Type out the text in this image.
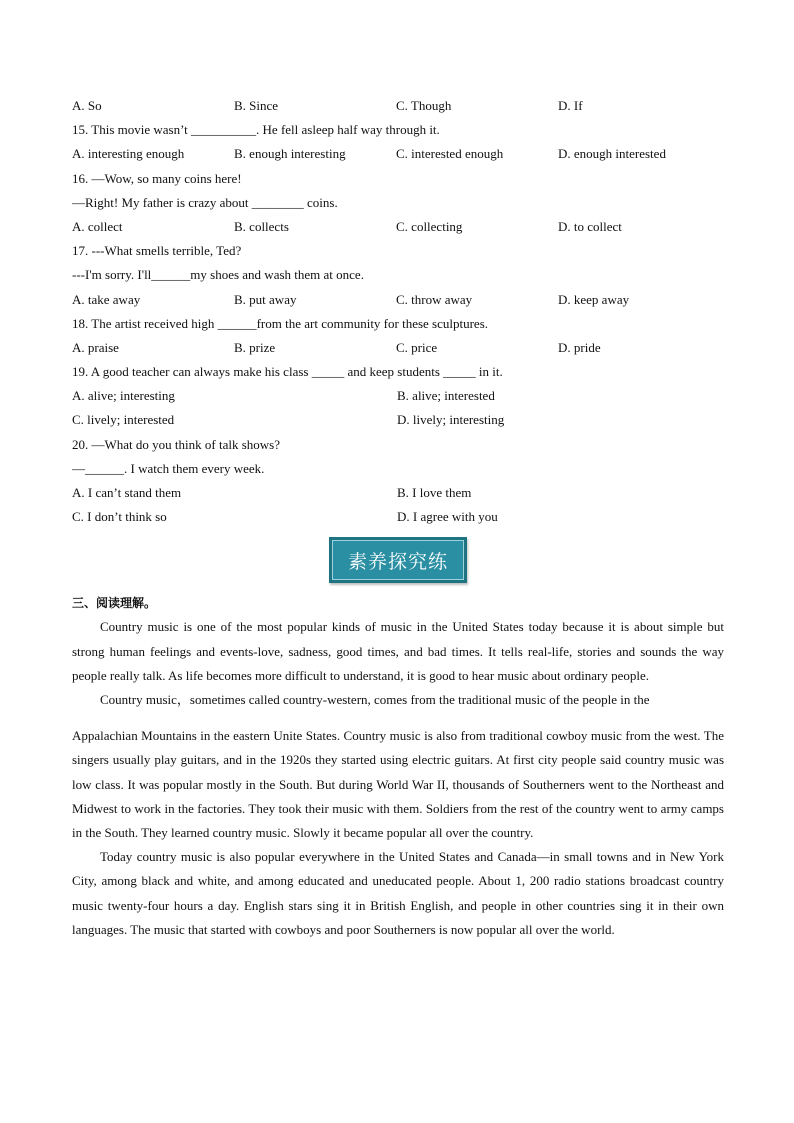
A. So	B. Since	C. Though	D. If
15. This movie wasn’t __________. He fell asleep half way through it.
A. interesting enough	B. enough interesting	C. interested enough	D. enough interested
16. —Wow, so many coins here!
—Right! My father is crazy about ________ coins.
A. collect	B. collects	C. collecting	D. to collect
17. ---What smells terrible, Ted?
---I'm sorry. I'll______my shoes and wash them at once.
A. take away	B. put away	C. throw away	D. keep away
18. The artist received high ______from the art community for these sculptures.
A. praise	B. prize	C. price	D. pride
19. A good teacher can always make his class _____ and keep students _____ in it.
A. alive; interesting	B. alive; interested
C. lively; interested	D. lively; interesting
20. —What do you think of talk shows?
—______. I watch them every week.
A. I can’t stand them	B. I love them
C. I don’t think so	D. I agree with you
素养探究练
三、阅读理解。

Country music is one of the most popular kinds of music in the United States today because it is about simple but strong human feelings and events-love, sadness, good times, and bad times. It tells real-life, stories and sounds the way people really talk. As life becomes more difficult to understand, it is good to hear music about ordinary people.

Country music，sometimes called country-western, comes from the traditional music of the people in the

Appalachian Mountains in the eastern Unite States. Country music is also from traditional cowboy music from the west. The singers usually play guitars, and in the 1920s they started using electric guitars. At first city people said country music was low class. It was popular mostly in the South. But during World War II, thousands of Southerners went to the Northeast and Midwest to work in the factories. They took their music with them. Soldiers from the rest of the country went to army camps in the South. They learned country music. Slowly it became popular all over the country.

Today country music is also popular everywhere in the United States and Canada—in small towns and in New York City, among black and white, and among educated and uneducated people. About 1, 200 radio stations broadcast country music twenty-four hours a day. English stars sing it in British English, and people in other countries sing it in their own languages. The music that started with cowboys and poor Southerners is now popular all over the world.
